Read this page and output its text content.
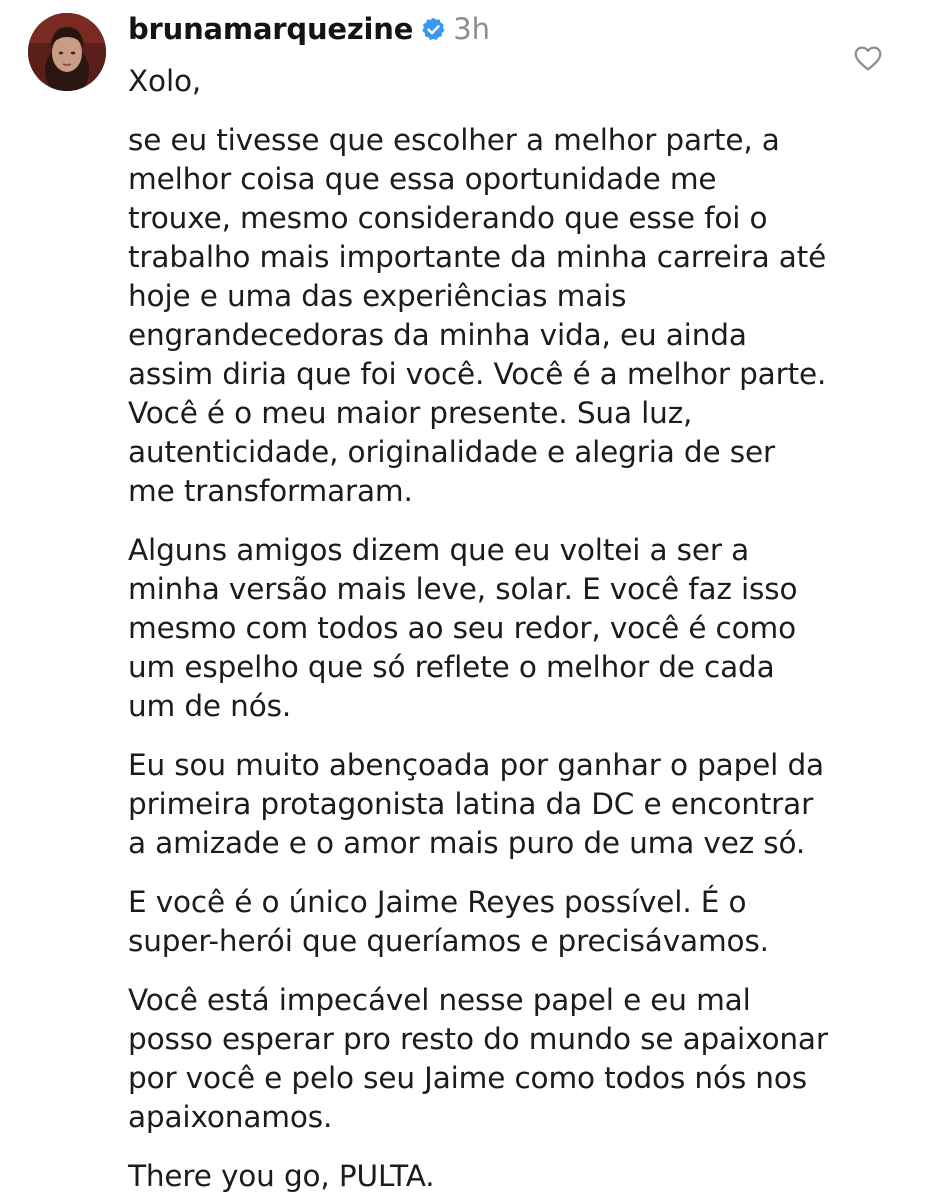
brunamarquezine 3h

Xolo,

se eu tivesse que escolher a melhor parte, a melhor coisa que essa oportunidade me trouxe, mesmo considerando que esse foi o trabalho mais importante da minha carreira até hoje e uma das experiências mais engrandecedoras da minha vida, eu ainda assim diria que foi você. Você é a melhor parte. Você é o meu maior presente. Sua luz, autenticidade, originalidade e alegria de ser me transformaram.

Alguns amigos dizem que eu voltei a ser a minha versão mais leve, solar. E você faz isso mesmo com todos ao seu redor, você é como um espelho que só reflete o melhor de cada um de nós.

Eu sou muito abençoada por ganhar o papel da primeira protagonista latina da DC e encontrar a amizade e o amor mais puro de uma vez só.

E você é o único Jaime Reyes possível. É o super-herói que queríamos e precisávamos.

Você está impecável nesse papel e eu mal posso esperar pro resto do mundo se apaixonar por você e pelo seu Jaime como todos nós nos apaixonamos.

There you go, PULTA.
